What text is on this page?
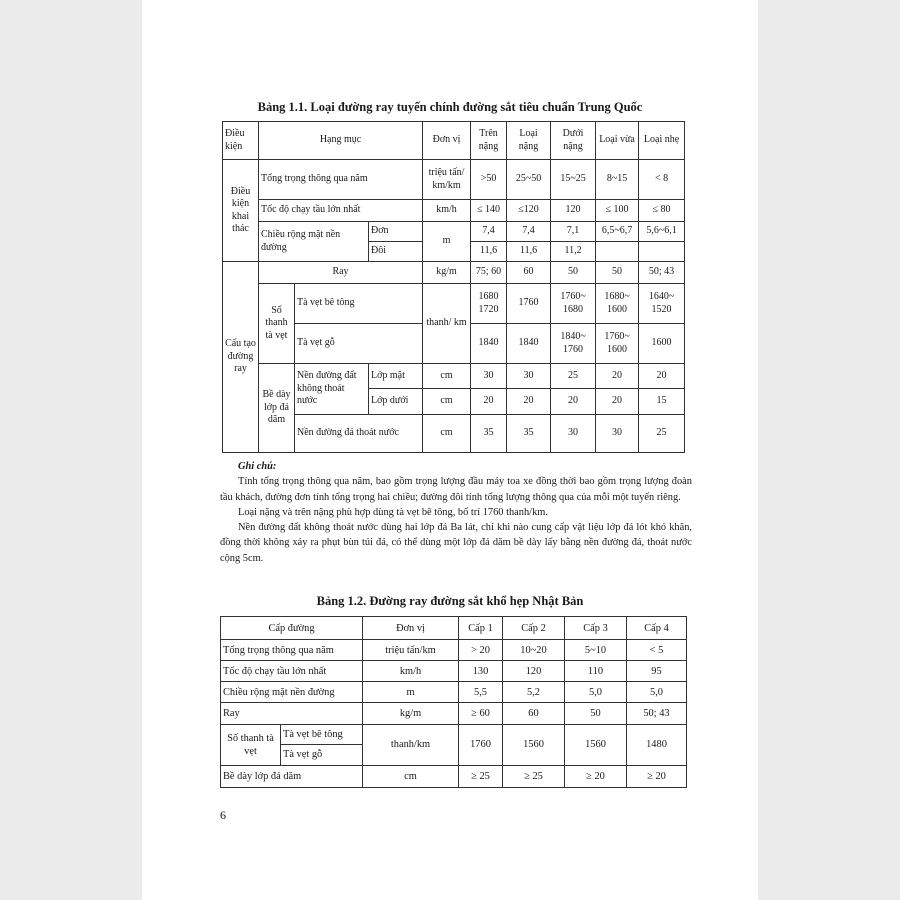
Bảng 1.1. Loại đường ray tuyến chính đường sắt tiêu chuẩn Trung Quốc
Điều kiện	Hạng mục			Đơn vị	Trên nặng	Loại nặng	Dưới nặng	Loại vừa	Loại nhẹ
Điều kiện khai thác	Tổng trọng thông qua năm			triệu tấn/ km/km	>50	25~50	15~25	8~15	< 8
	Tốc độ chạy tầu lớn nhất			km/h	≤ 140	≤120	120	≤ 100	≤ 80
	Chiều rộng mặt nền đường		Đơn	m	7,4	7,4	7,1	6,5~6,7	5,6~6,1
			Đôi		11,6	11,6	11,2		
Cấu tạo đường ray	Ray			kg/m	75; 60	60	50	50	50; 43
	Số thanh tà vẹt	Tà vẹt bê tông		thanh/ km	1680 1720	1760	1760~ 1680	1680~ 1600	1640~ 1520
		Tà vẹt gỗ			1840	1840	1840~ 1760	1760~ 1600	1600
	Bề dày lớp đá dăm	Nền đường đất không thoát nước	Lớp mặt	cm	30	30	25	20	20
			Lớp dưới	cm	20	20	20	20	15
		Nền đường đá thoát nước		cm	35	35	30	30	25

Ghi chú:

Tính tổng trọng thông qua năm, bao gồm trọng lượng đầu máy toa xe đồng thời bao gồm trọng lượng đoàn tầu khách, đường đơn tính tổng trọng hai chiều; đường đôi tính tổng lượng thông qua của mỗi một tuyến riêng.

Loại nặng và trên nặng phù hợp dùng tà vẹt bê tông, bố trí 1760 thanh/km.

Nền đường đất không thoát nước dùng hai lớp đá Ba lát, chỉ khi nào cung cấp vật liệu lớp đá lót khó khăn, đồng thời không xảy ra phụt bùn túi đá, có thể dùng một lớp đá dăm bề dày lấy bằng nền đường đá, thoát nước cộng 5cm.

Bảng 1.2. Đường ray đường sắt khổ hẹp Nhật Bản
Cấp đường		Đơn vị	Cấp 1	Cấp 2	Cấp 3	Cấp 4
Tổng trọng thông qua năm		triệu tấn/km	> 20	10~20	5~10	< 5
Tốc độ chạy tầu lớn nhất		km/h	130	120	110	95
Chiều rộng mặt nền đường		m	5,5	5,2	5,0	5,0
Ray		kg/m	≥ 60	60	50	50; 43
Số thanh tà vẹt	Tà vẹt bê tông	thanh/km	1760	1560	1560	1480
	Tà vẹt gỗ					
Bề dày lớp đá dăm		cm	≥ 25	≥ 25	≥ 20	≥ 20
6
